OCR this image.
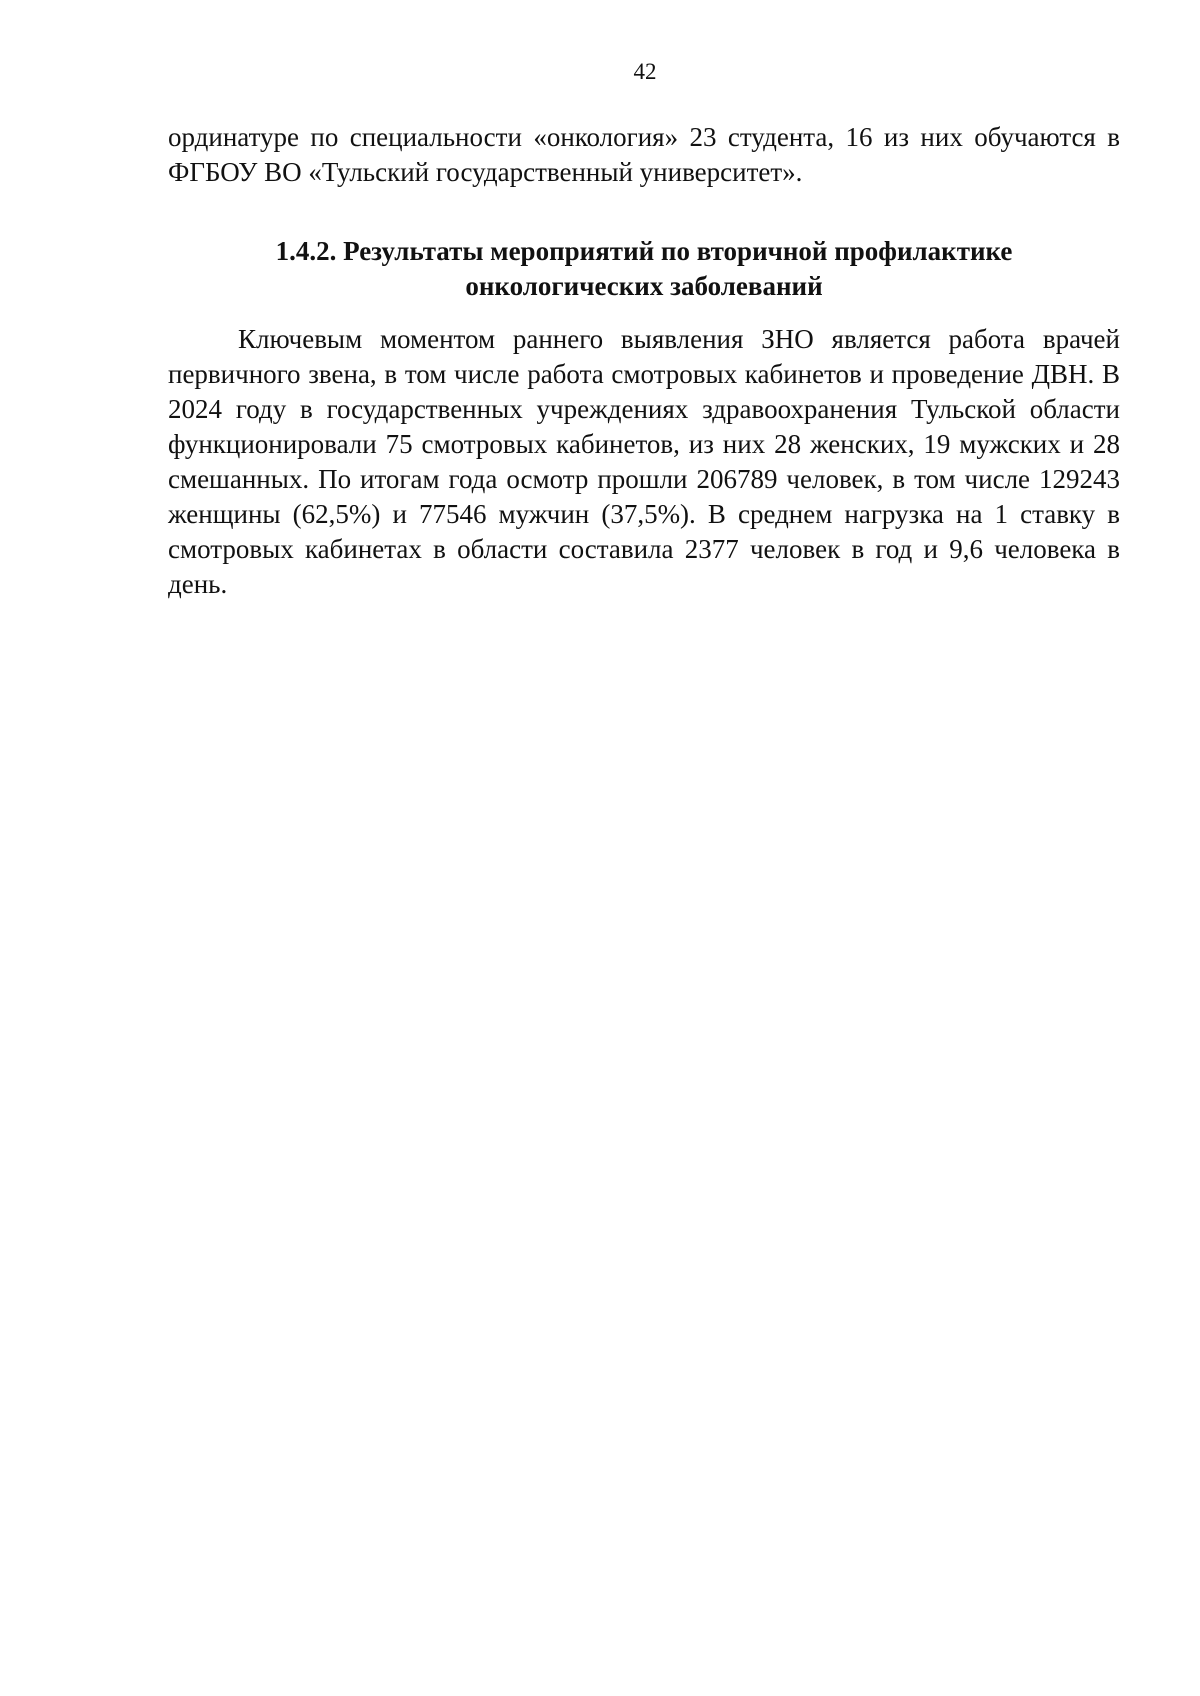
42

ординатуре по специальности «онкология» 23 студента, 16 из них обучаются в ФГБОУ ВО «Тульский государственный университет».

1.4.2. Результаты мероприятий по вторичной профилактике
онкологических заболеваний

Ключевым моментом раннего выявления ЗНО является работа врачей первичного звена, в том числе работа смотровых кабинетов и проведение ДВН. В 2024 году в государственных учреждениях здравоохранения Тульской области функционировали 75 смотровых кабинетов, из них 28 женских, 19 мужских и 28 смешанных. По итогам года осмотр прошли 206789 человек, в том числе 129243 женщины (62,5%) и 77546 мужчин (37,5%). В среднем нагрузка на 1 ставку в смотровых кабинетах в области составила 2377 человек в год и 9,6 человека в день.
